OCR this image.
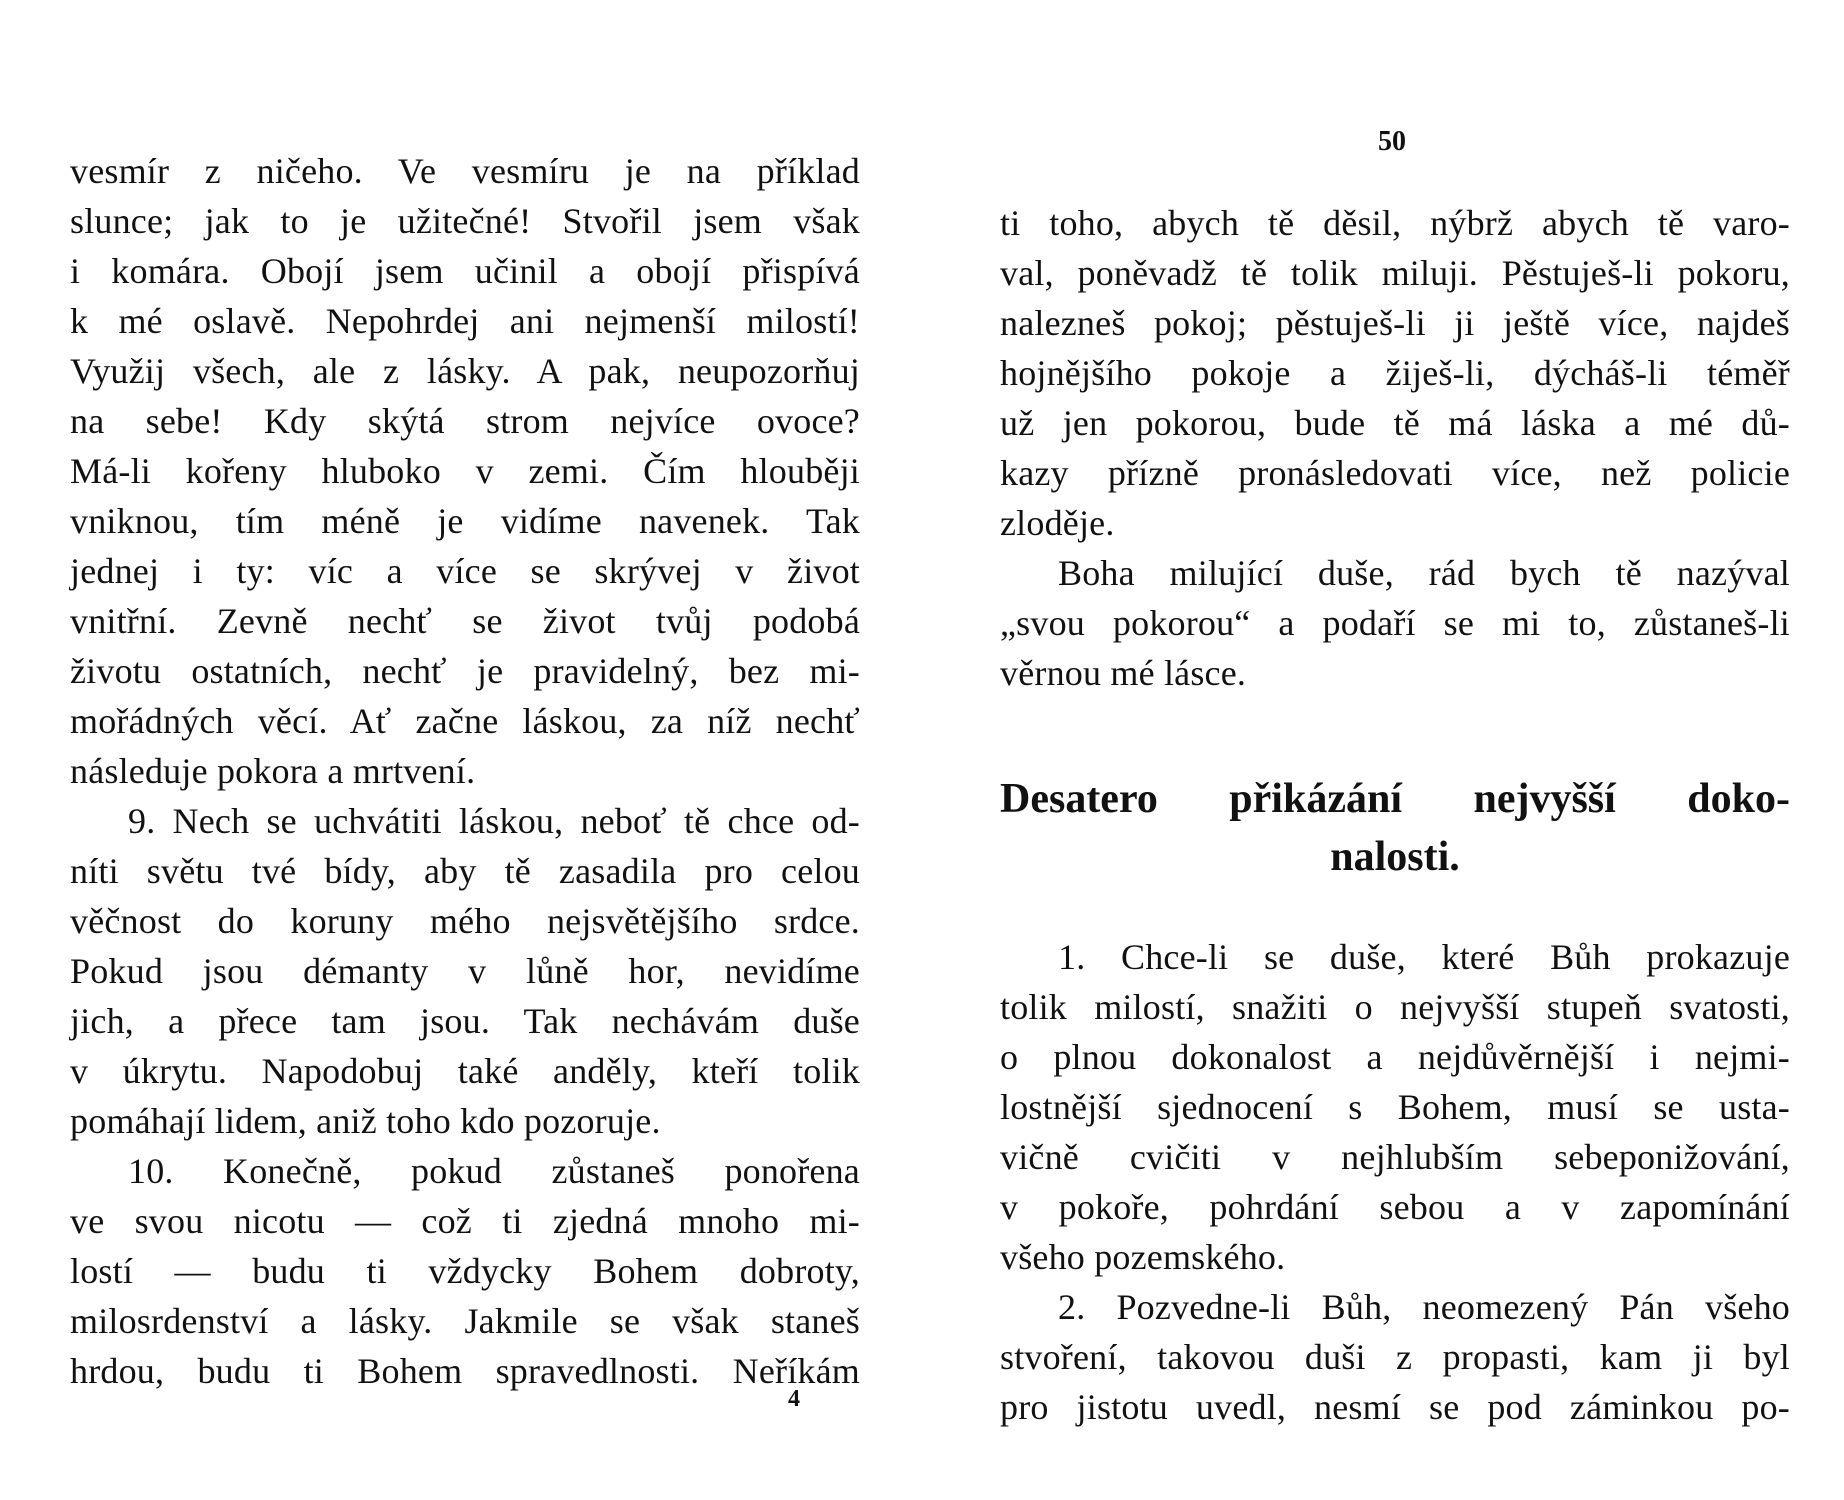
vesmír z ničeho. Ve vesmíru je na příklad
slunce; jak to je užitečné! Stvořil jsem však
i komára. Obojí jsem učinil a obojí přispívá
k mé oslavě. Nepohrdej ani nejmenší milostí!
Využij všech, ale z lásky. A pak, neupozorňuj
na sebe! Kdy skýtá strom nejvíce ovoce?
Má-li kořeny hluboko v zemi. Čím hlouběji
vniknou, tím méně je vidíme navenek. Tak
jednej i ty: víc a více se skrývej v život
vnitřní. Zevně nechť se život tvůj podobá
životu ostatních, nechť je pravidelný, bez mi-
mořádných věcí. Ať začne láskou, za níž nechť
následuje pokora a mrtvení.
9. Nech se uchvátiti láskou, neboť tě chce od-
níti světu tvé bídy, aby tě zasadila pro celou
věčnost do koruny mého nejsvětějšího srdce.
Pokud jsou démanty v lůně hor, nevidíme
jich, a přece tam jsou. Tak nechávám duše
v úkrytu. Napodobuj také anděly, kteří tolik
pomáhají lidem, aniž toho kdo pozoruje.
10. Konečně, pokud zůstaneš ponořena
ve svou nicotu — což ti zjedná mnoho mi-
lostí — budu ti vždycky Bohem dobroty,
milosrdenství a lásky. Jakmile se však staneš
hrdou, budu ti Bohem spravedlnosti. Neříkám
4
50
ti toho, abych tě děsil, nýbrž abych tě varo-
val, poněvadž tě tolik miluji. Pěstuješ-li pokoru,
nalezneš pokoj; pěstuješ-li ji ještě více, najdeš
hojnějšího pokoje a žiješ-li, dýcháš-li téměř
už jen pokorou, bude tě má láska a mé dů-
kazy přízně pronásledovati více, než policie
zloděje.
Boha milující duše, rád bych tě nazýval
„svou pokorou“ a podaří se mi to, zůstaneš-li
věrnou mé lásce.
Desatero přikázání nejvyšší doko-
nalosti.
1. Chce-li se duše, které Bůh prokazuje
tolik milostí, snažiti o nejvyšší stupeň svatosti,
o plnou dokonalost a nejdůvěrnější i nejmi-
lostnější sjednocení s Bohem, musí se usta-
vičně cvičiti v nejhlubším sebeponižování,
v pokoře, pohrdání sebou a v zapomínání
všeho pozemského.
2. Pozvedne-li Bůh, neomezený Pán všeho
stvoření, takovou duši z propasti, kam ji byl
pro jistotu uvedl, nesmí se pod záminkou po-
